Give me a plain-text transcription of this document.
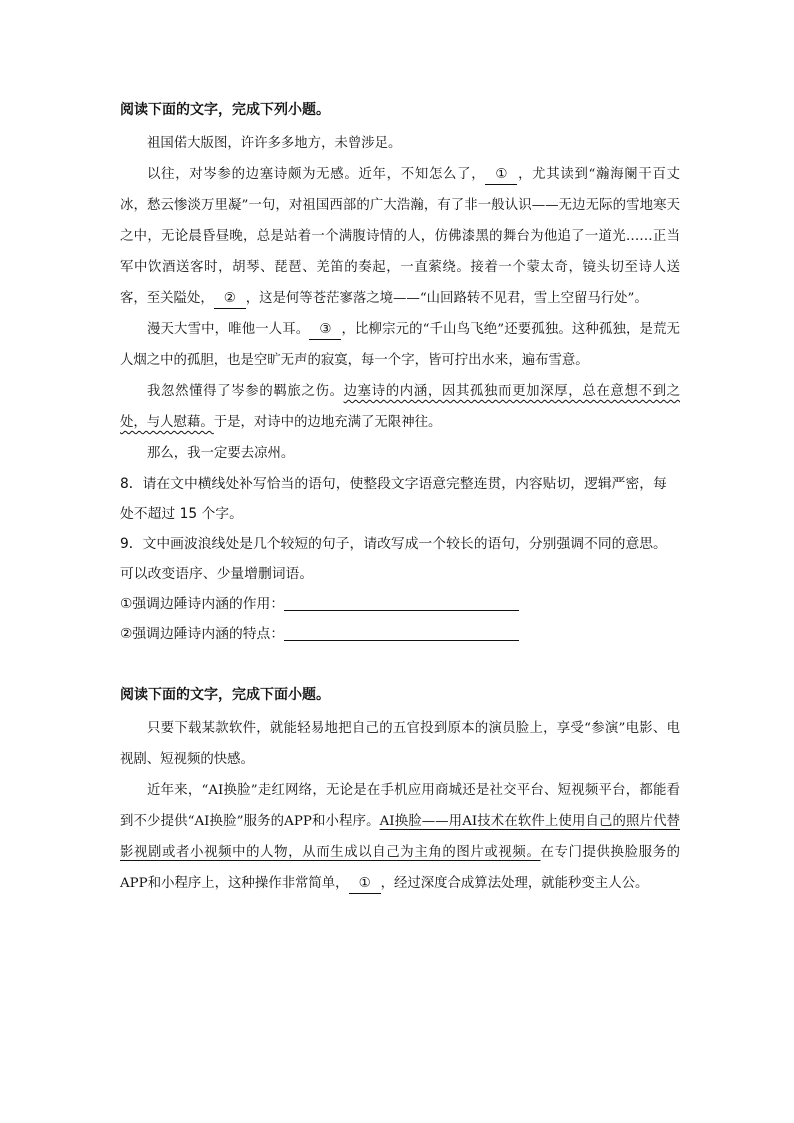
阅读下面的文字，完成下列小题。

祖国偌大版图，许许多多地方，未曾涉足。

以往，对岑参的边塞诗颇为无感。近年，不知怎么了， ① ，尤其读到“瀚海阑干百丈冰，愁云惨淡万里凝”一句，对祖国西部的广大浩瀚，有了非一般认识——无边无际的雪地寒天之中，无论晨昏昼晚，总是站着一个满腹诗情的人，仿佛漆黑的舞台为他追了一道光……正当军中饮酒送客时，胡琴、琵琶、羌笛的奏起，一直萦绕。接着一个蒙太奇，镜头切至诗人送客，至关隘处， ② ，这是何等苍茫寥落之境——“山回路转不见君，雪上空留马行处”。

漫天大雪中，唯他一人耳。 ③ ，比柳宗元的“千山鸟飞绝”还要孤独。这种孤独，是荒无人烟之中的孤胆，也是空旷无声的寂寞，每一个字，皆可拧出水来，遍布雪意。

我忽然懂得了岑参的羁旅之伤。边塞诗的内涵，因其孤独而更加深厚，总在意想不到之处，与人慰藉。于是，对诗中的边地充满了无限神往。

那么，我一定要去凉州。

8．请在文中横线处补写恰当的语句，使整段文字语意完整连贯，内容贴切，逻辑严密，每处不超过 15 个字。

9．文中画波浪线处是几个较短的句子，请改写成一个较长的语句，分别强调不同的意思。可以改变语序、少量增删词语。

①强调边陲诗内涵的作用：

②强调边陲诗内涵的特点：

阅读下面的文字，完成下面小题。

只要下载某款软件，就能轻易地把自己的五官投到原本的演员脸上，享受“参演”电影、电视剧、短视频的快感。

近年来，“AI换脸”走红网络，无论是在手机应用商城还是社交平台、短视频平台，都能看到不少提供“AI换脸”服务的APP和小程序。AI换脸——用AI技术在软件上使用自己的照片代替影视剧或者小视频中的人物，从而生成以自己为主角的图片或视频。在专门提供换脸服务的APP和小程序上，这种操作非常简单， ① ，经过深度合成算法处理，就能秒变主人公。
